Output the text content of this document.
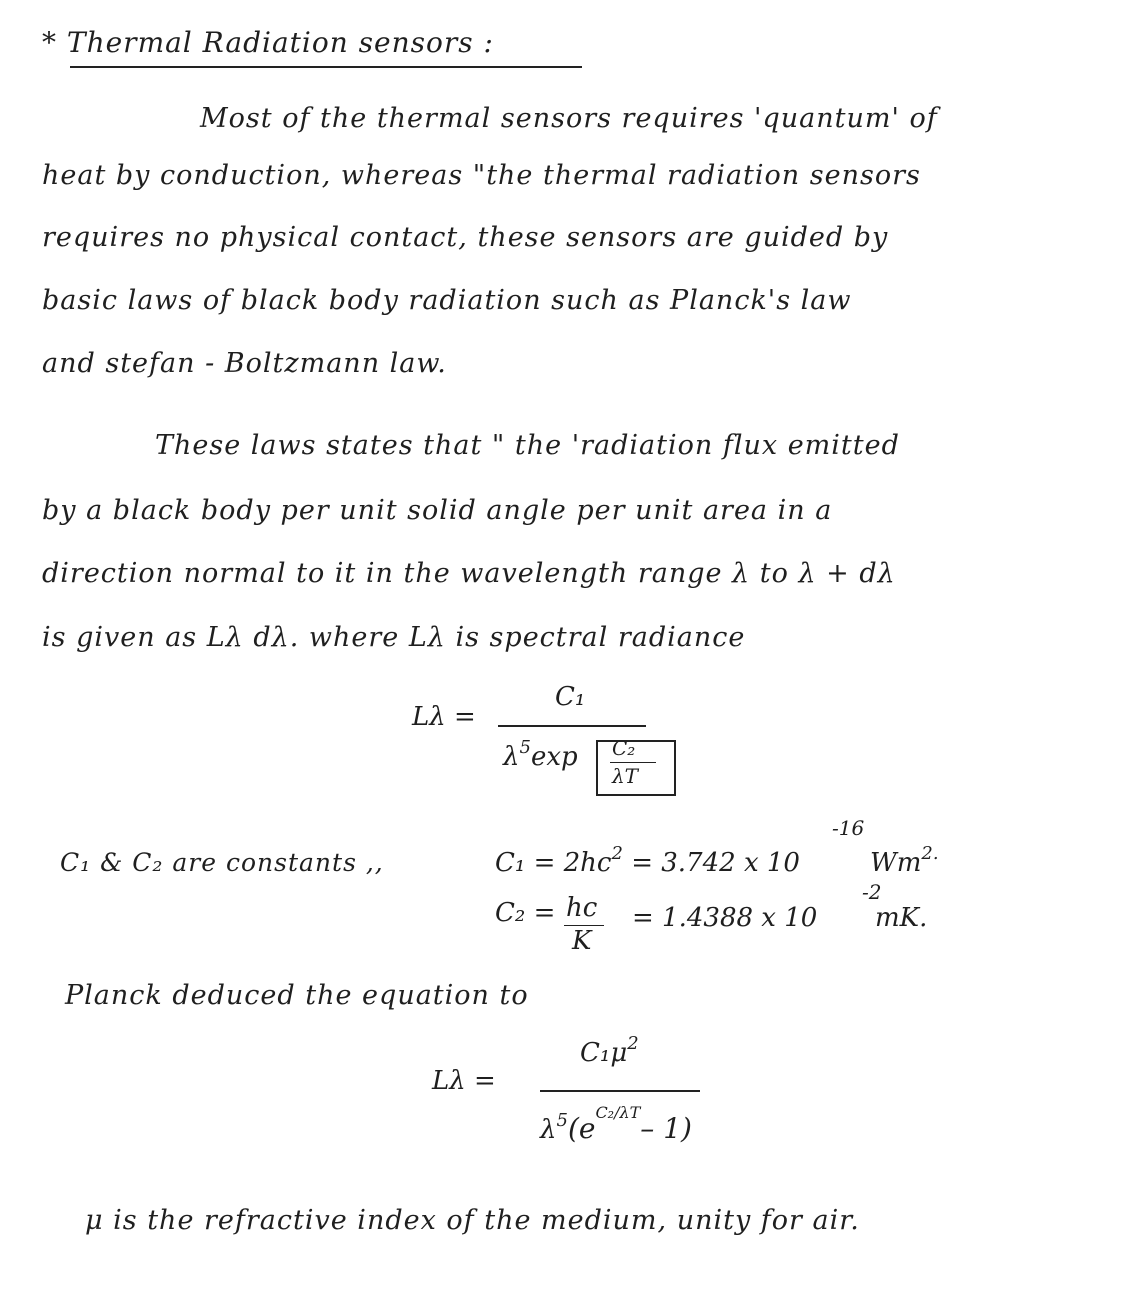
* Thermal Radiation sensors :
Most of the thermal sensors requires 'quantum' of
heat by conduction, whereas "the thermal radiation sensors
requires no physical contact, these sensors are guided by
basic laws of black body radiation such as Planck's law
and stefan - Boltzmann law.
These laws states that " the 'radiation flux emitted
by a black body per unit solid angle per unit area in a
direction normal to it in the wavelength range λ to λ + dλ
is given as Lλ dλ. where Lλ is spectral radiance
Lλ =
C₁
$\lambda^5\exp$ C₂
λT
C₁ & C₂ are constants ,,	$C_1 = 2hc^2 = 3.742$ x 10
-16
$Wm^{2.}$
C₂ = hc
K
= 1.4388 x 10
-2
mK.
Planck deduced the equation to
Lλ =
$C_1\mu^2$
$\lambda^5(e^{C_2/\lambda T}-$ 1)
μ is the refractive index of the medium, unity for air.
